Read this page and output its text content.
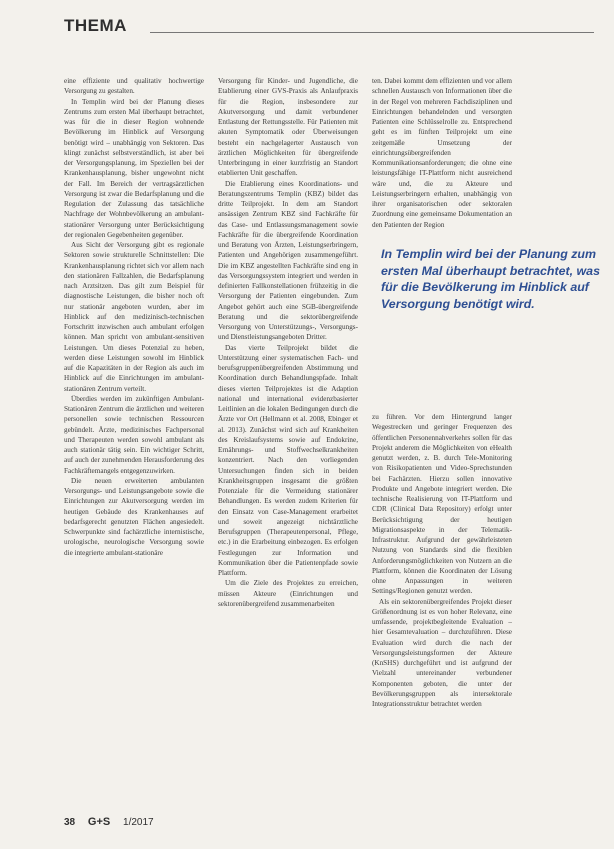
THEMA

eine effiziente und qualitativ hochwertige Versorgung zu gestalten.

In Templin wird bei der Planung dieses Zentrums zum ersten Mal überhaupt betrachtet, was für die in dieser Region wohnende Bevölkerung im Hinblick auf Versorgung benötigt wird – unabhängig von Sektoren. Das klingt zunächst selbstverständlich, ist aber bei der Versorgungsplanung, im Speziellen bei der Krankenhausplanung, bisher ungewohnt nicht der Fall. Im Bereich der vertragsärztlichen Versorgung ist zwar die Bedarfsplanung und die Regulation der Zulassung das tatsächliche Nachfrage der Wohnbevölkerung an ambulant-stationärer Versorgung unter Berücksichtigung der regionalen Gegebenheiten gegenüber.

Aus Sicht der Versorgung gibt es regionale Sektoren sowie strukturelle Schnittstellen: Die Krankenhausplanung richtet sich vor allem nach den stationären Fallzahlen, die Bedarfsplanung nach Arztsitzen. Das gilt zum Beispiel für diagnostische Leistungen, die bisher noch oft nur stationär angeboten wurden, aber im Hinblick auf den medizinisch-technischen Fortschritt inzwischen auch ambulant erfolgen können. Man spricht von ambulant-sensitiven Leistungen. Um dieses Potenzial zu heben, werden diese Leistungen sowohl im Hinblick auf die Kapazitäten in der Region als auch im Hinblick auf die Einrichtungen im ambulant-stationären Zentrum verteilt.

Überdies werden im zukünftigen Ambulant-Stationären Zentrum die ärztlichen und weiteren personellen sowie technischen Ressourcen gebündelt. Ärzte, medizinisches Fachpersonal und Therapeuten werden sowohl ambulant als auch stationär tätig sein. Ein wichtiger Schritt, auf auch der zunehmenden Herausforderung des Fachkräftemangels entgegenzuwirken.

Die neuen erweiterten ambulanten Versorgungs- und Leistungsangebote sowie die Einrichtungen zur Akutversorgung werden im heutigen Gebäude des Krankenhauses auf bedarfsgerecht genutzten Flächen angesiedelt. Schwerpunkte sind fachärztliche internistische, urologische, neurologische Versorgung sowie die integrierte ambulant-stationäre

Versorgung für Kinder- und Jugendliche, die Etablierung einer GVS-Praxis als Anlaufpraxis für die Region, insbesondere zur Akutversorgung und damit verbundener Entlastung der Rettungsstelle. Für Patienten mit akuten Symptomatik oder Überweisungen besteht ein nachgelagerter Austausch von ärztlichen Möglichkeiten für übergreifende Unterbringung in einer kurzfristig an Standort etablierten Unit geschaffen.

Die Etablierung eines Koordinations- und Beratungszentrums Templin (KBZ) bildet das dritte Teilprojekt. In dem am Standort ansässigen Zentrum KBZ sind Fachkräfte für das Case- und Entlassungsmanagement sowie Fachkräfte für die übergreifende Koordination und Beratung von Ärzten, Leistungserbringern, Patienten und Angehörigen zusammengeführt. Die im KBZ angestellten Fachkräfte sind eng in das Versorgungssystem integriert und werden in definierten Fallkonstellationen frühzeitig in die Versorgung der Patienten eingebunden. Zum Angebot gehört auch eine SGB-übergreifende Beratung und die sektorübergreifende Versorgung von Unterstützungs-, Versorgungs- und Dienstleistungsangeboten Dritter.

Das vierte Teilprojekt bildet die Unterstützung einer systematischen Fach- und berufsgruppenübergreifenden Abstimmung und Koordination durch Behandlungspfade. Inhalt dieses vierten Teilprojektes ist die Adaption national und international evidenzbasierter Leitlinien an die lokalen Bedingungen durch die Ärzte vor Ort (Hellmann et al. 2008, Ebinger et al. 2013). Zunächst wird sich auf Krankheiten des Kreislaufsystems sowie auf Endokrine, Ernährungs- und Stoffwechselkrankheiten konzentriert. Nach den vorliegenden Untersuchungen finden sich in beiden Krankheitsgruppen insgesamt die größten Potenziale für die Vermeidung stationärer Behandlungen. Es werden zudem Kriterien für den Einsatz von Case-Management erarbeitet und soweit angezeigt nichtärztliche Berufsgruppen (Therapeutenpersonal, Pflege, etc.) in die Erarbeitung einbezogen. Es erfolgen Festlegungen zur Information und Kommunikation über die Patientenpfade sowie Plattform.

Um die Ziele des Projektes zu erreichen, müssen Akteure (Einrichtungen und sektorenübergreifend zusammenarbeiten

ten. Dabei kommt dem effizienten und vor allem schnellen Austausch von Informationen über die in der Regel von mehreren Fachdisziplinen und Einrichtungen behandelnden und versorgten Patienten eine Schlüsselrolle zu. Entsprechend geht es im fünften Teilprojekt um eine zeitgemäße Umsetzung der einrichtungsübergreifenden Kommunikationsanforderungen; die ohne eine leistungsfähige IT-Plattform nicht ausreichend wäre und, die zu Akteure und Leistungserbringern erhalten, unabhängig von ihrer organisatorischen oder sektoralen Zuordnung eine gemeinsame Dokumentation an den Patienten der Region

In Templin wird bei der Planung zum ersten Mal überhaupt betrachtet, was für die Bevölkerung im Hinblick auf Versorgung benötigt wird.

zu führen. Vor dem Hintergrund langer Wegestrecken und geringer Frequenzen des öffentlichen Personennahverkehrs sollen für das Projekt anderem die Möglichkeiten von eHealth genutzt werden, z. B. durch Tele-Monitoring von Risikopatienten und Video-Sprechstunden bei Fachärzten. Hierzu sollen innovative Produkte und Angebote integriert werden. Die technische Realisierung von IT-Plattform und CDR (Clinical Data Repository) erfolgt unter Berücksichtigung der heutigen Migrationsaspekte in der Telematik-Infrastruktur. Aufgrund der gewährleisteten Nutzung von Standards sind die flexiblen Anforderungsmöglichkeiten von Nutzern an die Plattform, können die Koordinaten der Lösung ohne Anpassungen in weiteren Settings/Regionen genutzt werden.

Als ein sektorenübergreifendes Projekt dieser Größenordnung ist es von hoher Relevanz, eine umfassende, projektbegleitende Evaluation – hier Gesamtevaluation – durchzuführen. Diese Evaluation wird durch die nach der Versorgungsleistungsformen der Akteure (KnSHS) durchgeführt und ist aufgrund der Vielzahl untereinander verbundener Komponenten geboten, die unter der Bevölkerungsgruppen als intersektorale Integrationsstruktur betrachtet werden

38 G+S 1/2017
